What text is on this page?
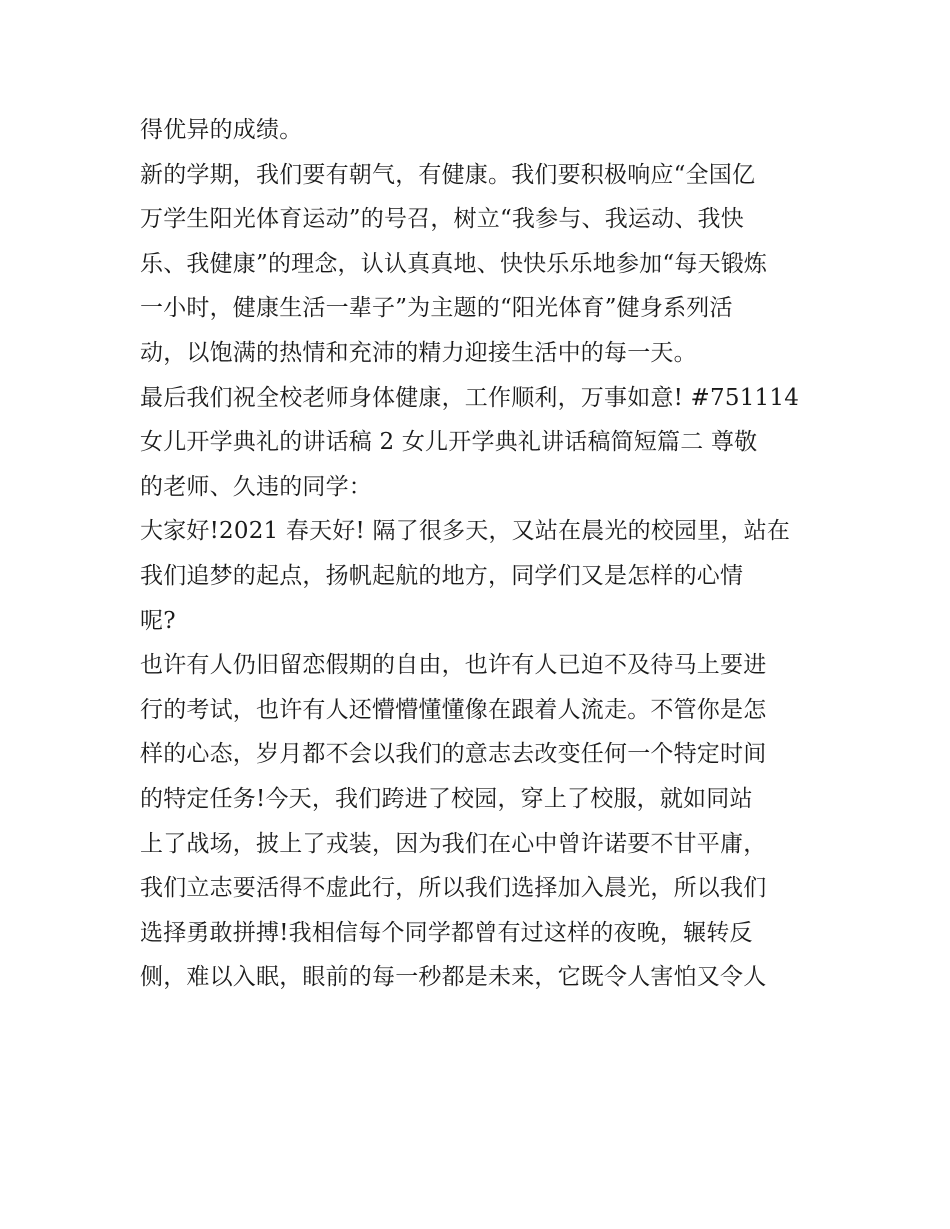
得优异的成绩。
新的学期，我们要有朝气，有健康。我们要积极响应“全国亿
万学生阳光体育运动”的号召，树立“我参与、我运动、我快
乐、我健康”的理念，认认真真地、快快乐乐地参加“每天锻炼
一小时，健康生活一辈子”为主题的“阳光体育”健身系列活
动，以饱满的热情和充沛的精力迎接生活中的每一天。
最后我们祝全校老师身体健康，工作顺利，万事如意! #751114
女儿开学典礼的讲话稿 2 女儿开学典礼讲话稿简短篇二 尊敬
的老师、久违的同学：
大家好!2021 春天好! 隔了很多天，又站在晨光的校园里，站在
我们追梦的起点，扬帆起航的地方，同学们又是怎样的心情
呢?
也许有人仍旧留恋假期的自由，也许有人已迫不及待马上要进
行的考试，也许有人还懵懵懂懂像在跟着人流走。不管你是怎
样的心态，岁月都不会以我们的意志去改变任何一个特定时间
的特定任务!今天，我们跨进了校园，穿上了校服，就如同站
上了战场，披上了戎装，因为我们在心中曾许诺要不甘平庸，
我们立志要活得不虚此行，所以我们选择加入晨光，所以我们
选择勇敢拼搏!我相信每个同学都曾有过这样的夜晚，辗转反
侧，难以入眠，眼前的每一秒都是未来，它既令人害怕又令人
